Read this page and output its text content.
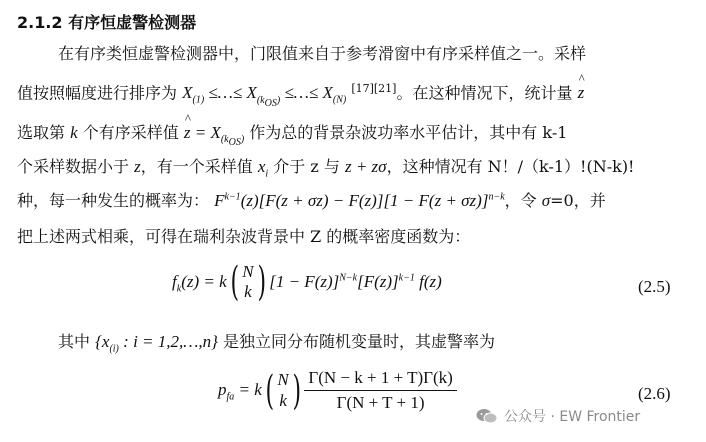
2.1.2 有序恒虚警检测器
在有序类恒虚警检测器中，门限值来自于参考滑窗中有序采样值之一。采样
值按照幅度进行排序为 $X_{(1)}$ ≤…≤ $X_{(k_{OS})}$ ≤…≤ $X_{(N)}$ [17][21]。在这种情况下，统计量 ^ z
选取第 k 个有序采样值 ^ $z = X_{(k_{OS})}$ 作为总的背景杂波功率水平估计，其中有 k-1
个采样数据小于 z，有一个采样值 $x_i$ 介于 z 与 z + zσ，这种情况有 N！/（k-1）!(N-k)!
种，每一种发生的概率为： $F^{k-1}(z)[F(z + \sigma z) - F(z)][1 - F(z + \sigma z)]^{n-k}$，令 σ=0，并
把上述两式相乘，可得在瑞利杂波背景中 Z 的概率密度函数为：
$f_k(z) = k$ ( N
k ) $[1 - F(z)]^{N-k}[F(z)]^{k-1}$ f(z)	(2.5)
其中 {$x_{(i)}$ : i = 1,2,…,n} 是独立同分布随机变量时，其虚警率为
$p_{fa} = k$ ( N
k ) $\frac{\Gamma(N - k + 1 + T)\Gamma(k)}{\Gamma(N + T + 1)}$	(2.6)
公众号 · EW Frontier
